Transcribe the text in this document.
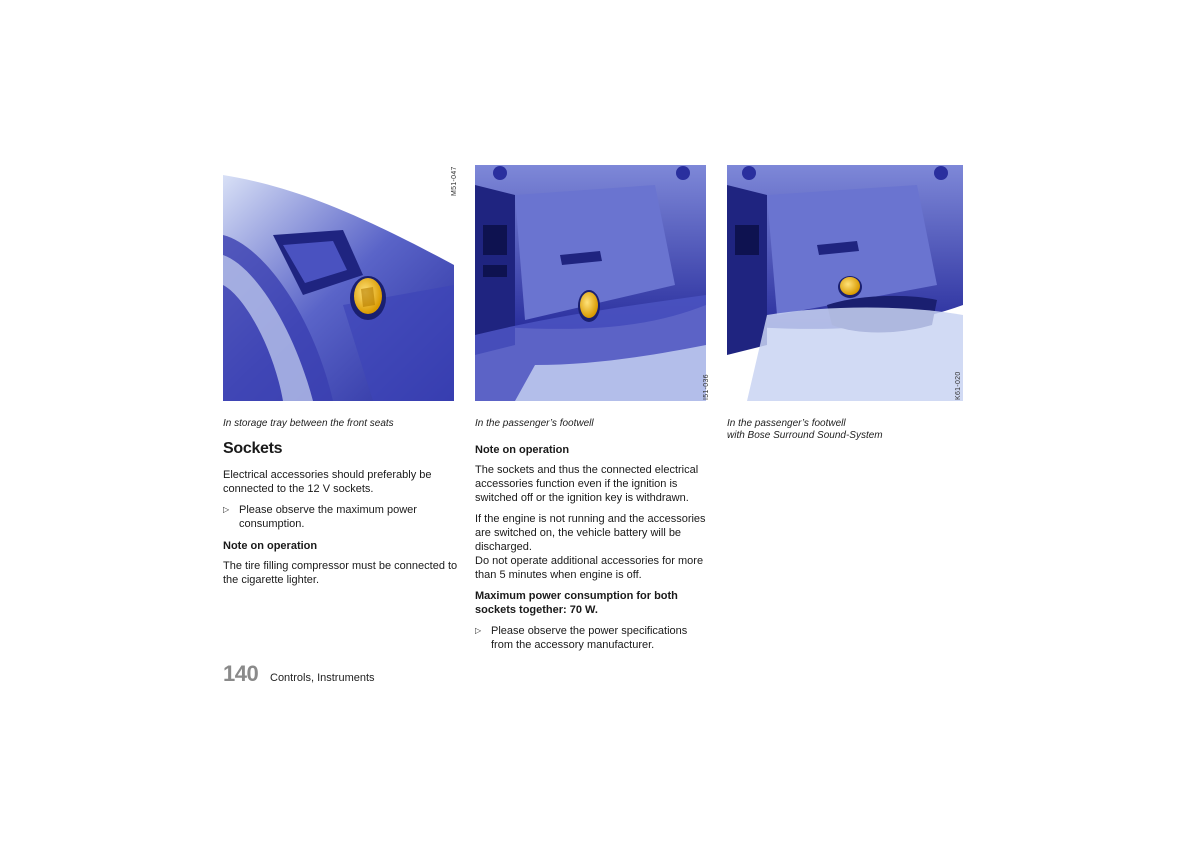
M51-047
I51-036	K61-020
In storage tray between the front seats	In the passenger’s footwell	In the passenger’s footwell
with Bose Surround Sound-System
Sockets

Electrical accessories should preferably be connected to the 12 V sockets.

▷ Please observe the maximum power consumption.
Note on operation

The tire filling compressor must be connected to the cigarette lighter.

Note on operation

The sockets and thus the connected electrical accessories function even if the ignition is switched off or the ignition key is withdrawn.

If the engine is not running and the accessories are switched on, the vehicle battery will be discharged.

Do not operate additional accessories for more than 5 minutes when engine is off.

Maximum power consumption for both sockets together: 70 W.

▷ Please observe the power specifications from the accessory manufacturer.
140 Controls, Instruments
